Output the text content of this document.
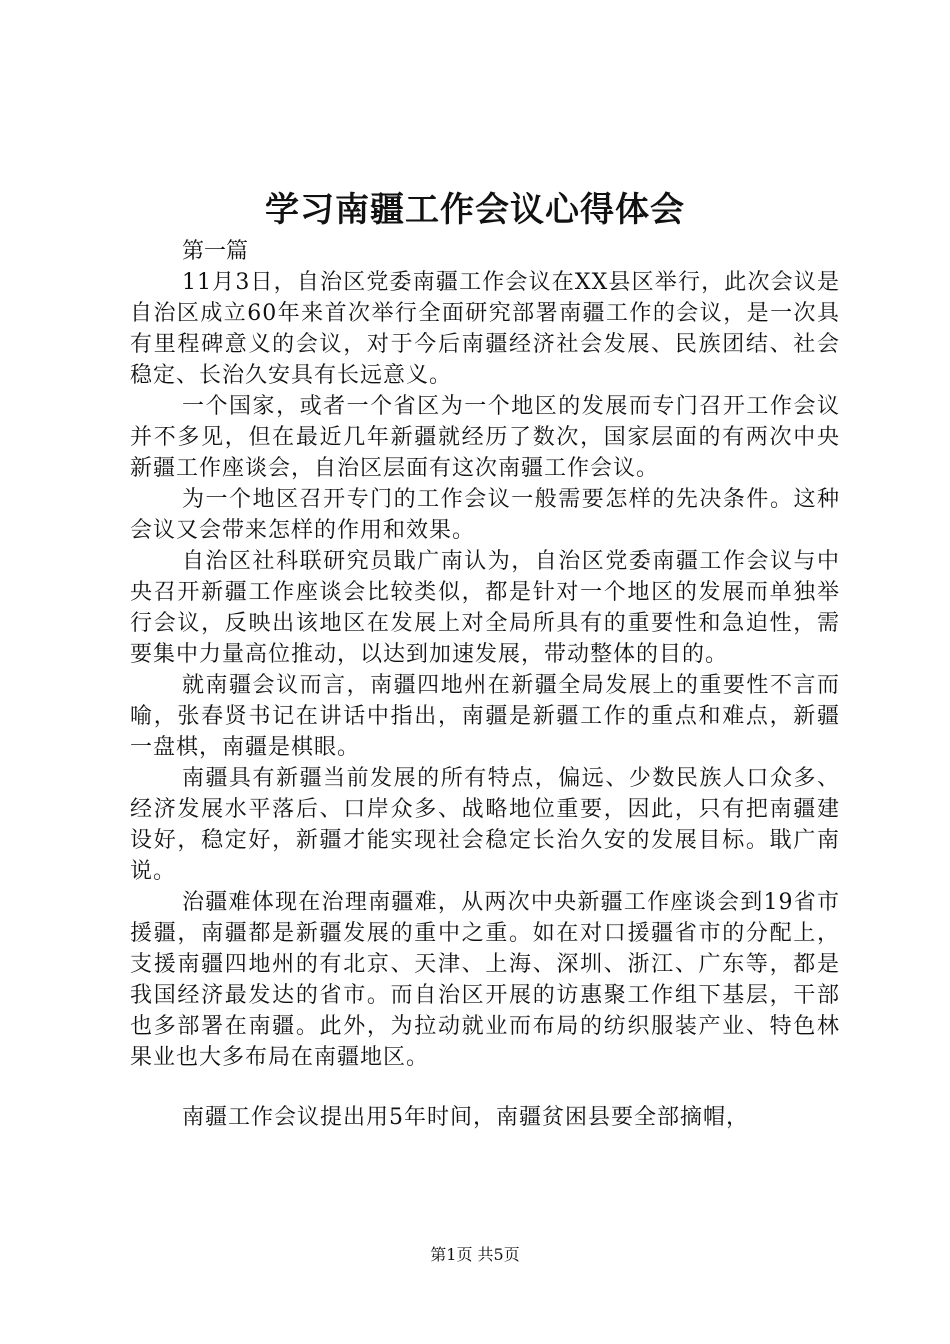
学习南疆工作会议心得体会

第一篇

11月3日，自治区党委南疆工作会议在XX县区举行，此次会议是自治区成立60年来首次举行全面研究部署南疆工作的会议，是一次具有里程碑意义的会议，对于今后南疆经济社会发展、民族团结、社会稳定、长治久安具有长远意义。

一个国家，或者一个省区为一个地区的发展而专门召开工作会议并不多见，但在最近几年新疆就经历了数次，国家层面的有两次中央新疆工作座谈会，自治区层面有这次南疆工作会议。

为一个地区召开专门的工作会议一般需要怎样的先决条件。这种会议又会带来怎样的作用和效果。

自治区社科联研究员戢广南认为，自治区党委南疆工作会议与中央召开新疆工作座谈会比较类似，都是针对一个地区的发展而单独举行会议，反映出该地区在发展上对全局所具有的重要性和急迫性，需要集中力量高位推动，以达到加速发展，带动整体的目的。

就南疆会议而言，南疆四地州在新疆全局发展上的重要性不言而喻，张春贤书记在讲话中指出，南疆是新疆工作的重点和难点，新疆一盘棋，南疆是棋眼。

南疆具有新疆当前发展的所有特点，偏远、少数民族人口众多、经济发展水平落后、口岸众多、战略地位重要，因此，只有把南疆建设好，稳定好，新疆才能实现社会稳定长治久安的发展目标。戢广南说。

治疆难体现在治理南疆难，从两次中央新疆工作座谈会到19省市援疆，南疆都是新疆发展的重中之重。如在对口援疆省市的分配上，支援南疆四地州的有北京、天津、上海、深圳、浙江、广东等，都是我国经济最发达的省市。而自治区开展的访惠聚工作组下基层，干部也多部署在南疆。此外，为拉动就业而布局的纺织服装产业、特色林果业也大多布局在南疆地区。

南疆工作会议提出用5年时间，南疆贫困县要全部摘帽，

第1页 共5页
